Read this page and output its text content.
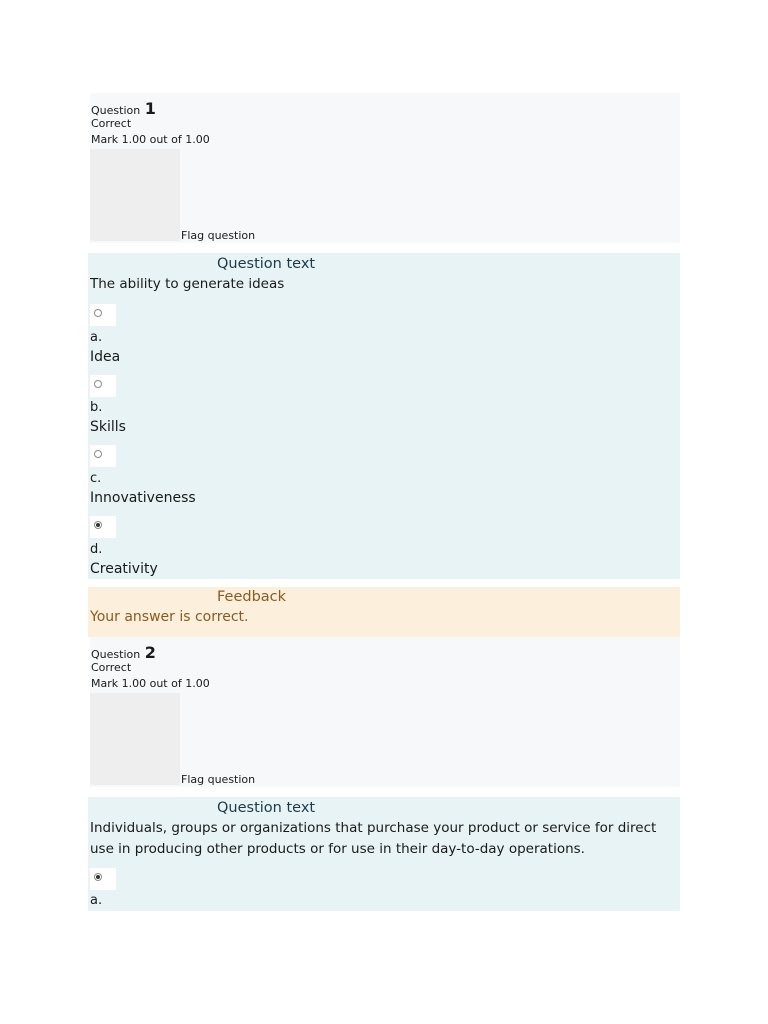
Question 1
Correct
Mark 1.00 out of 1.00
Flag question
Question text
The ability to generate ideas
a.
Idea
b.
Skills
c.
Innovativeness
d.
Creativity
Feedback
Your answer is correct.
Question 2
Correct
Mark 1.00 out of 1.00
Flag question
Question text
Individuals, groups or organizations that purchase your product or service for direct use in producing other products or for use in their day-to-day operations.
a.
